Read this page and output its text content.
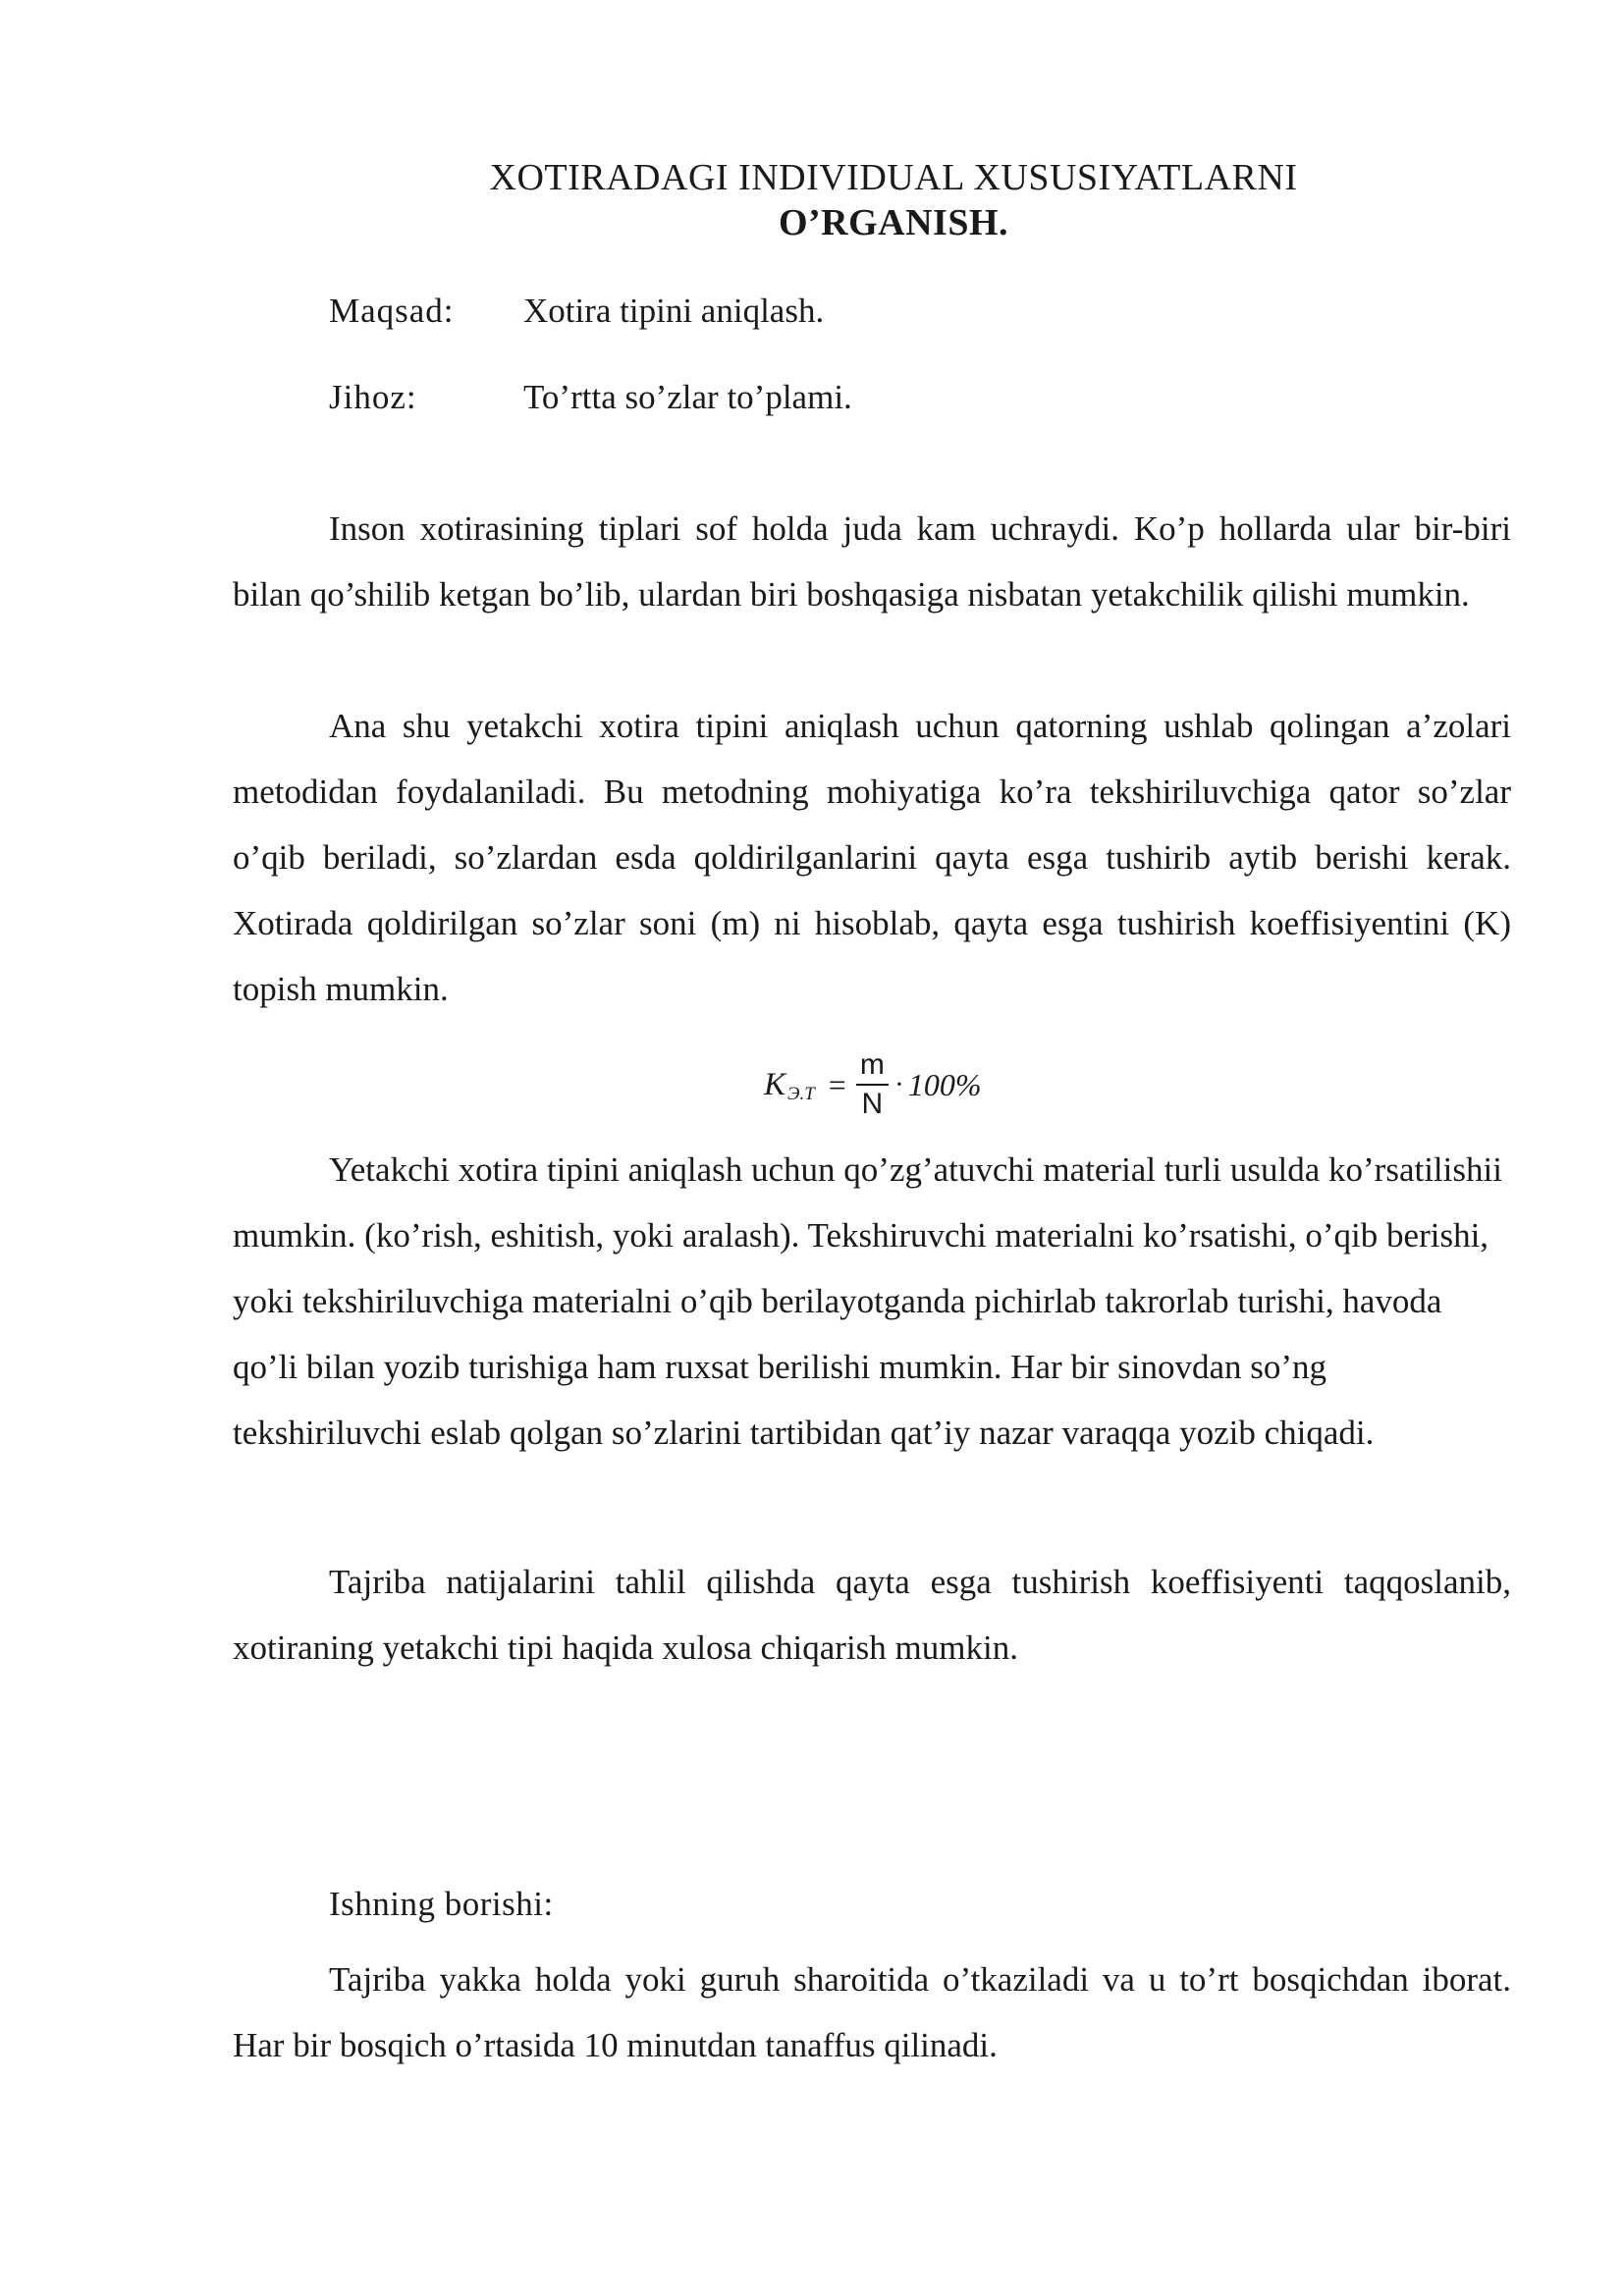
XOTIRADAGI INDIVIDUAL XUSUSIYATLARNI
O’RGANISH.
Maqsad:	Xotira tipini aniqlash.
Jihoz:	To’rtta so’zlar to’plami.

Inson xotirasining tiplari sof holda juda kam uchraydi. Ko’p hollarda ular bir-biri bilan qo’shilib ketgan bo’lib, ulardan biri boshqasiga nisbatan yetakchilik qilishi mumkin.

Ana shu yetakchi xotira tipini aniqlash uchun qatorning ushlab qolingan a’zolari metodidan foydalaniladi. Bu metodning mohiyatiga ko’ra tekshiriluvchiga qator so’zlar o’qib beriladi, so’zlardan esda qoldirilganlarini qayta esga tushirib aytib berishi kerak. Xotirada qoldirilgan so’zlar soni (m) ni hisoblab, qayta esga tushirish koeffisiyentini (K) topish mumkin.

K $Э.Т = \frac{m}{N} \cdot 100\%$

Yetakchi xotira tipini aniqlash uchun qo’zg’atuvchi material turli usulda ko’rsatilishii mumkin. (ko’rish, eshitish, yoki aralash). Tekshiruvchi materialni ko’rsatishi, o’qib berishi, yoki tekshiriluvchiga materialni o’qib berilayotganda pichirlab takrorlab turishi, havoda qo’li bilan yozib turishiga ham ruxsat berilishi mumkin. Har bir sinovdan so’ng tekshiriluvchi eslab qolgan so’zlarini tartibidan qat’iy nazar varaqqa yozib chiqadi.

Tajriba natijalarini tahlil qilishda qayta esga tushirish koeffisiyenti taqqoslanib, xotiraning yetakchi tipi haqida xulosa chiqarish mumkin.

Ishning borishi:

Tajriba yakka holda yoki guruh sharoitida o’tkaziladi va u to’rt bosqichdan iborat. Har bir bosqich o’rtasida 10 minutdan tanaffus qilinadi.
